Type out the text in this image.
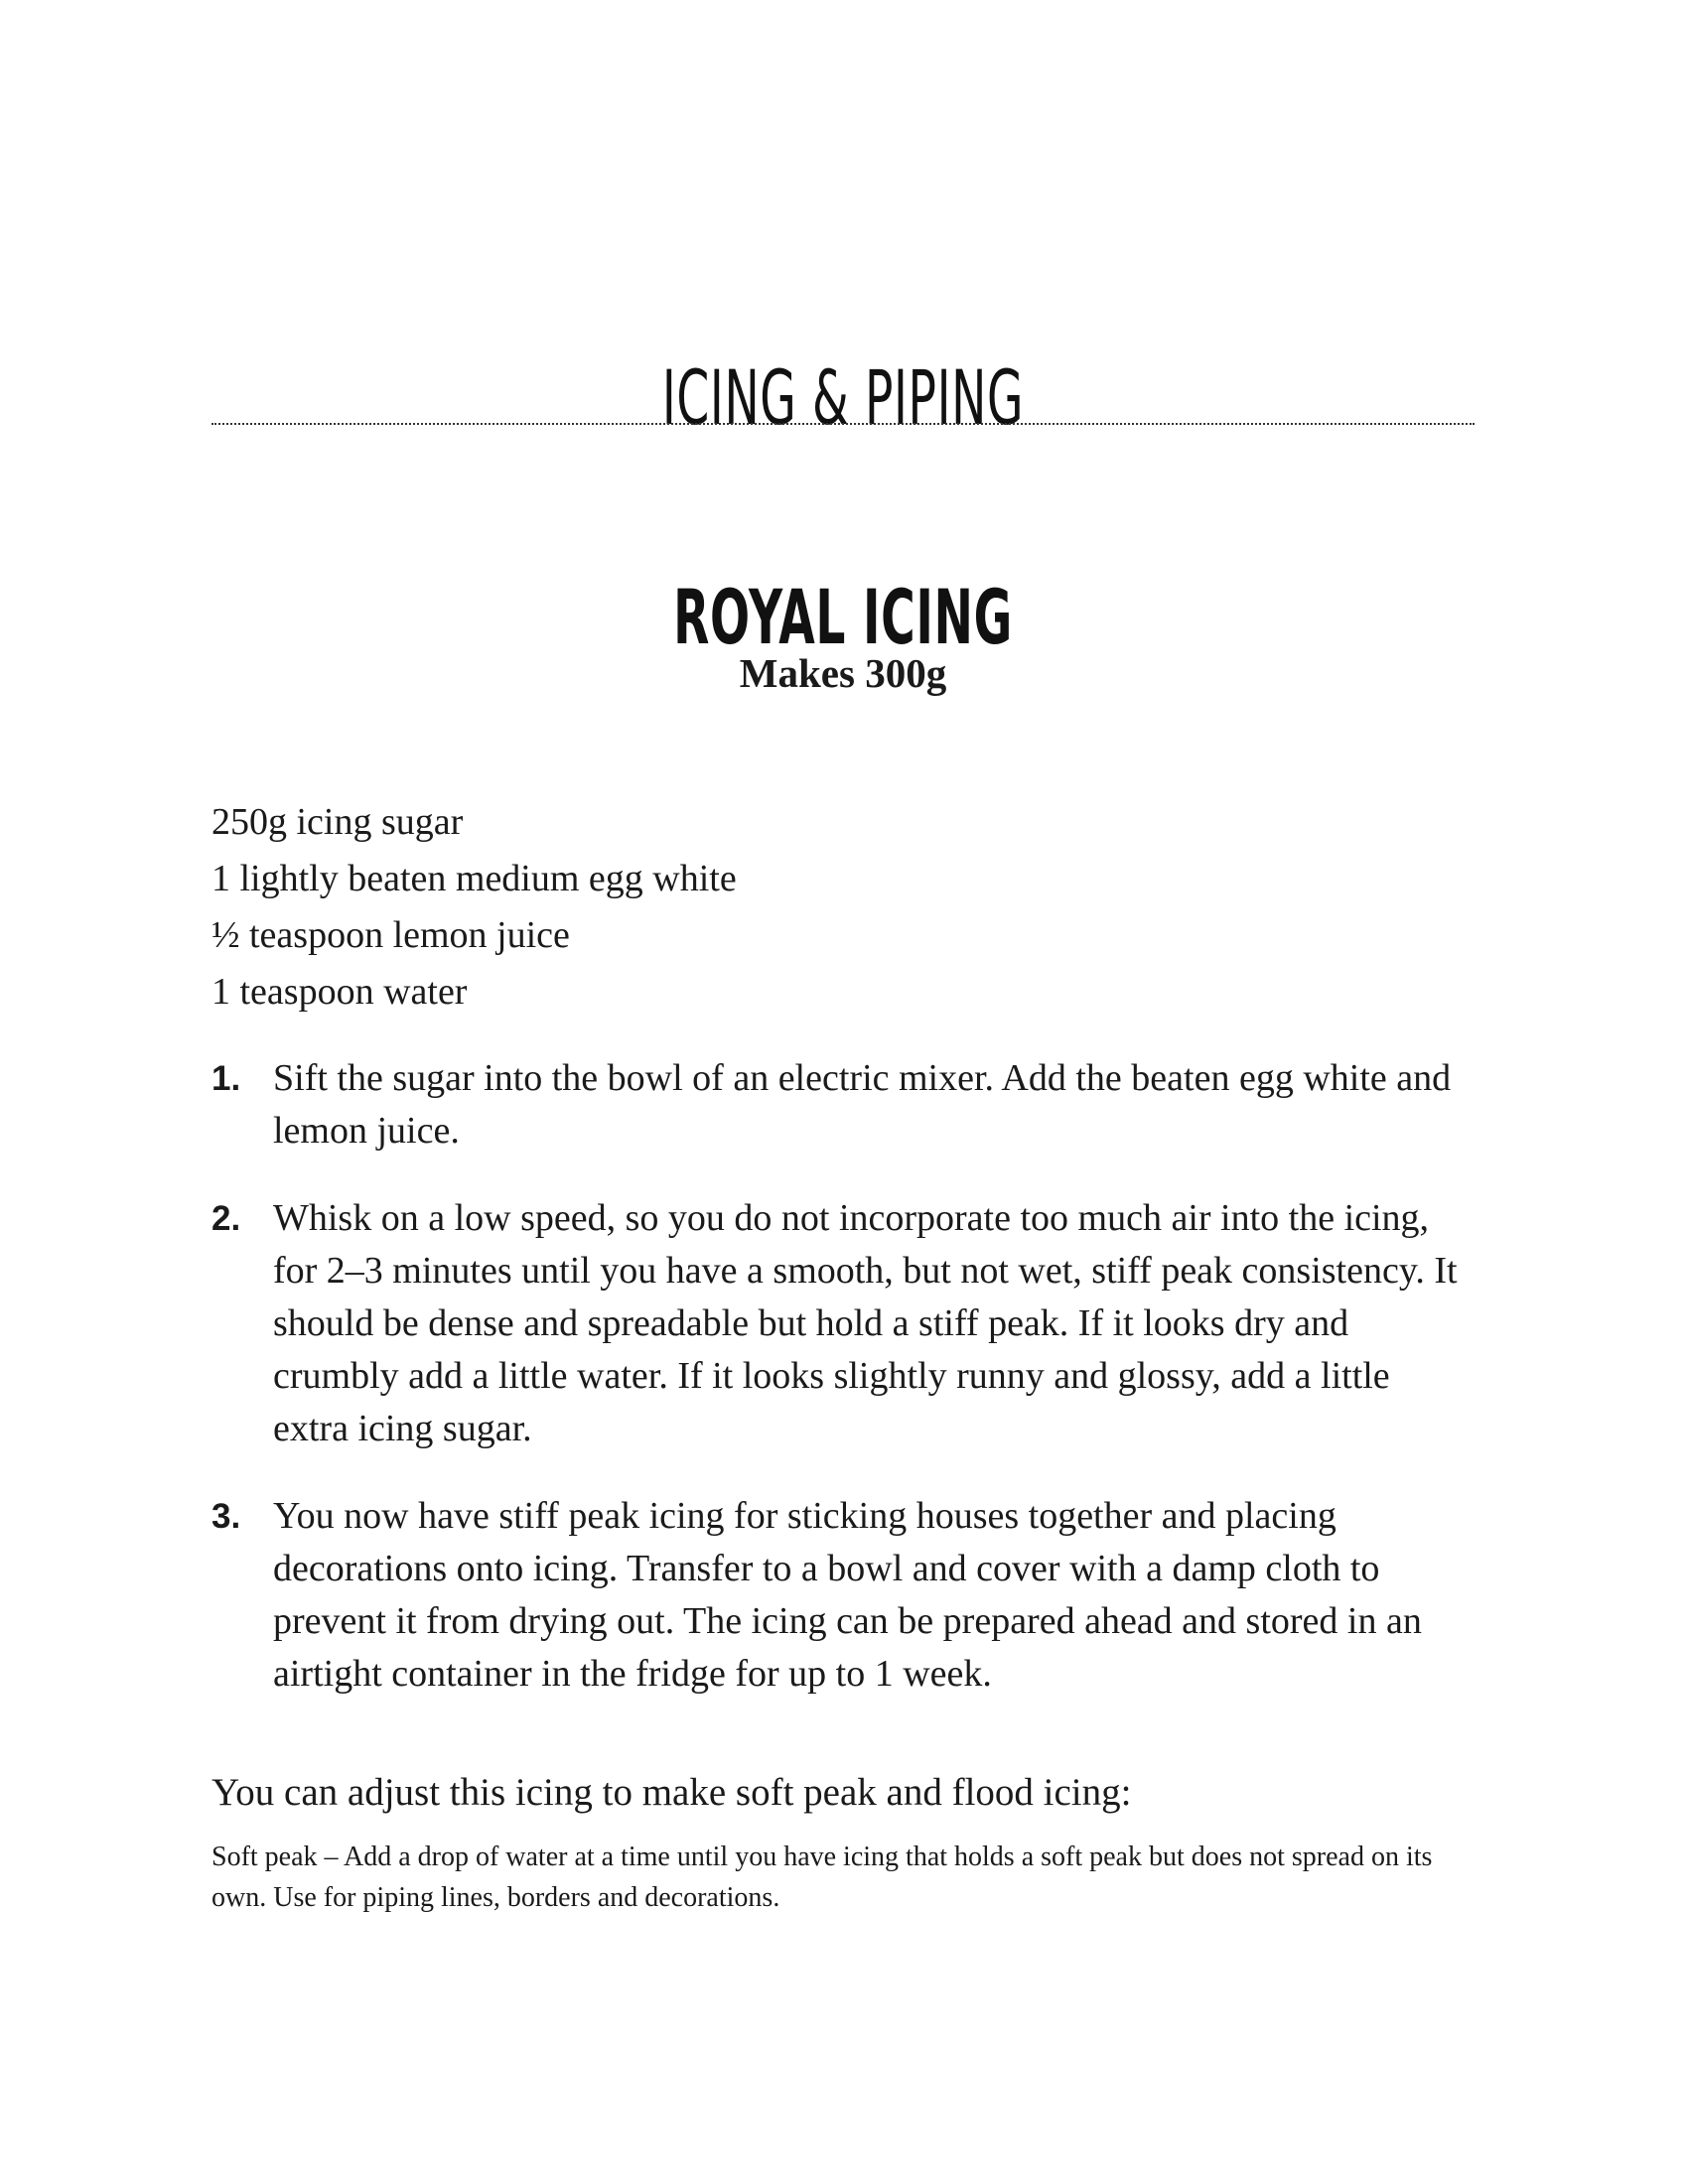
ICING & PIPING
ROYAL ICING
Makes 300g
250g icing sugar
1 lightly beaten medium egg white
½ teaspoon lemon juice
1 teaspoon water
1. Sift the sugar into the bowl of an electric mixer. Add the beaten egg white and lemon juice.
2. Whisk on a low speed, so you do not incorporate too much air into the icing, for 2–3 minutes until you have a smooth, but not wet, stiff peak consistency. It should be dense and spreadable but hold a stiff peak. If it looks dry and crumbly add a little water. If it looks slightly runny and glossy, add a little extra icing sugar.
3. You now have stiff peak icing for sticking houses together and placing decorations onto icing. Transfer to a bowl and cover with a damp cloth to prevent it from drying out. The icing can be prepared ahead and stored in an airtight container in the fridge for up to 1 week.

You can adjust this icing to make soft peak and flood icing:

Soft peak – Add a drop of water at a time until you have icing that holds a soft peak but does not spread on its own. Use for piping lines, borders and decorations.
